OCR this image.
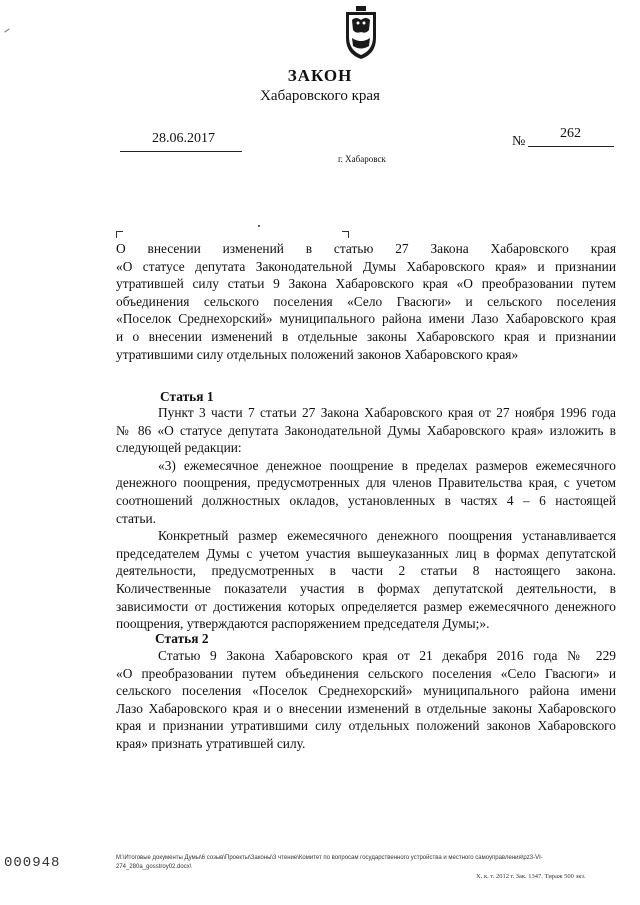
ЗАКОН
Хабаровского края
28.06.2017	№
262
г. Хабаровск
О внесении изменений в статью 27 Закона Хабаровского края
«О статусе депутата Законодательной Думы Хабаровского края» и признании
утратившей силу статьи 9 Закона Хабаровского края «О преобразовании путем
объединения сельского поселения «Село Гвасюги» и сельского поселения
«Поселок Среднехорский» муниципального района имени Лазо Хабаровского края
и о внесении изменений в отдельные законы Хабаровского края и признании
утратившими силу отдельных положений законов Хабаровского края»
Статья 1
Пункт 3 части 7 статьи 27 Закона Хабаровского края от 27 ноября 1996 года
№ 86 «О статусе депутата Законодательной Думы Хабаровского края» изложить в
следующей редакции:
«3) ежемесячное денежное поощрение в пределах размеров ежемесячного
денежного поощрения, предусмотренных для членов Правительства края, с учетом
соотношений должностных окладов, установленных в частях 4 – 6 настоящей
статьи.
Конкретный размер ежемесячного денежного поощрения устанавливается
председателем Думы с учетом участия вышеуказанных лиц в формах депутатской
деятельности, предусмотренных в части 2 статьи 8 настоящего закона.
Количественные показатели участия в формах депутатской деятельности, в
зависимости от достижения которых определяется размер ежемесячного денежного
поощрения, утверждаются распоряжением председателя Думы;».
Статья 2
Статью 9 Закона Хабаровского края от 21 декабря 2016 года № 229
«О преобразовании путем объединения сельского поселения «Село Гвасюги» и
сельского поселения «Поселок Среднехорский» муниципального района имени
Лазо Хабаровского края и о внесении изменений в отдельные законы Хабаровского
края и признании утратившими силу отдельных положений законов Хабаровского
края» признать утратившей силу.
M:\Итоговые документы Думы\6 созыв\Проекты\Законы\3 чтение\Комитет по вопросам государственного устройства и местного самоуправления\pz3-VI-
274_280a_gosstroy02.docx\
000948
Х. к. т. 2012 г. Зак. 1347. Тираж 500 экз.
